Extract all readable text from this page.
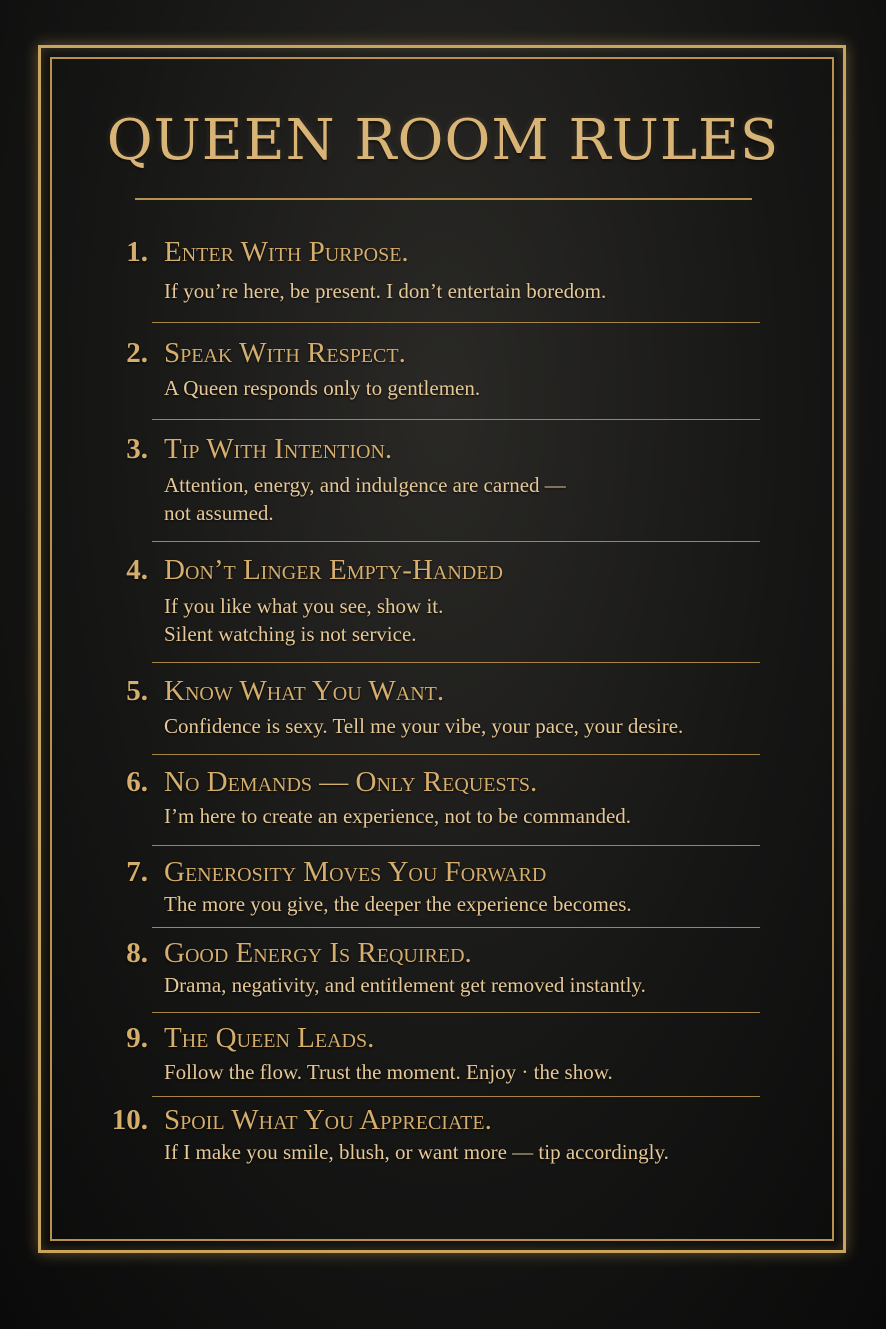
QUEEN ROOM RULES
1. Enter With Purpose.
If you’re here, be present. I don’t entertain boredom.
2. Speak With Respect.
A Queen responds only to gentlemen.
3. Tip With Intention.
Attention, energy, and indulgence are carned —
not assumed.
4. Don’t Linger Empty-Handed
If you like what you see, show it.
Silent watching is not service.
5. Know What You Want.
Confidence is sexy. Tell me your vibe, your pace, your desire.
6. No Demands — Only Requests.
I’m here to create an experience, not to be commanded.
7. Generosity Moves You Forward
The more you give, the deeper the experience becomes.
8. Good Energy Is Required.
Drama, negativity, and entitlement get removed instantly.
9. The Queen Leads.
Follow the flow. Trust the moment. Enjoy · the show.
10. Spoil What You Appreciate.
If I make you smile, blush, or want more — tip accordingly.
